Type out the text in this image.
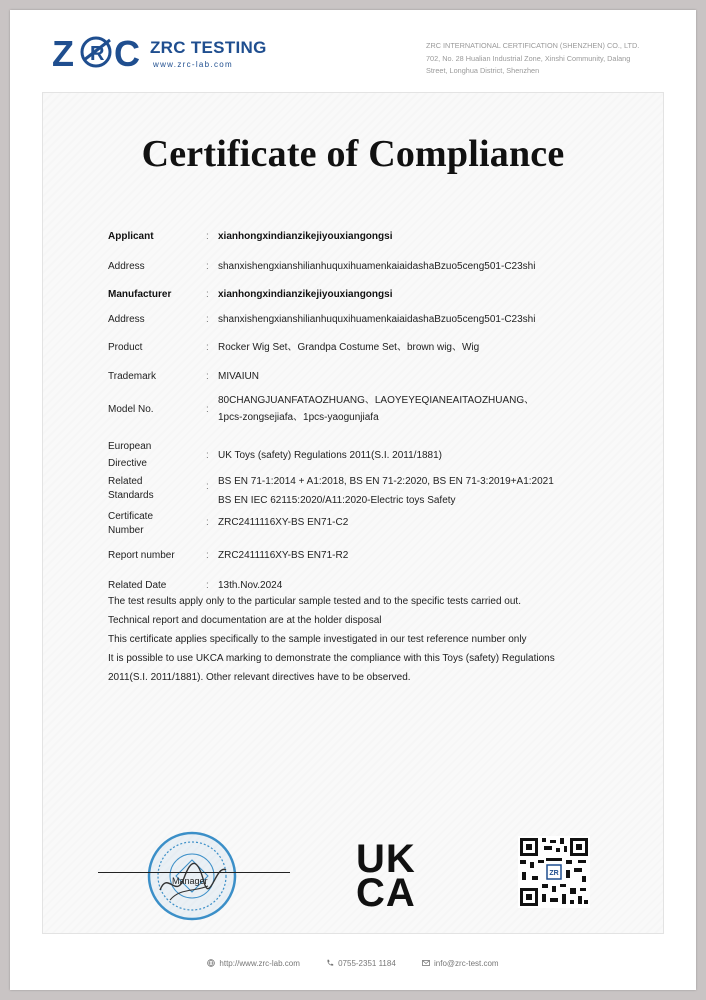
Z R C ZRC TESTING
www.zrc-lab.com
ZRC INTERNATIONAL CERTIFICATION (SHENZHEN) CO., LTD.
702, No. 28 Hualian Industrial Zone, Xinshi Community, Dalang
Street, Longhua District, Shenzhen
Certificate of Compliance
Applicant	: xianhongxindianzikejiyouxiangongsi
Address	: shanxishengxianshilianhuquxihuamenkaiaidashaBzuo5ceng501-C23shi
Manufacturer	: xianhongxindianzikejiyouxiangongsi
Address	: shanxishengxianshilianhuquxihuamenkaiaidashaBzuo5ceng501-C23shi
Product	: Rocker Wig Set、Grandpa Costume Set、brown wig、Wig
Trademark	: MIVAIUN
Model No.	:
80CHANGJUANFATAOZHUANG、LAOYEYEQIANEAITAOZHUANG、
1pcs-zongsejiafa、1pcs-yaogunjiafa
European
Directive
: UK Toys (safety) Regulations 2011(S.I. 2011/1881)
Related
Standards
: BS EN 71-1:2014 + A1:2018, BS EN 71-2:2020, BS EN 71-3:2019+A1:2021
BS EN IEC 62115:2020/A11:2020-Electric toys Safety
Certificate
Number
: ZRC2411116XY-BS EN71-C2
Report number	: ZRC2411116XY-BS EN71-R2
Related Date	: 13th.Nov.2024
The test results apply only to the particular sample tested and to the specific tests carried out.
Technical report and documentation are at the holder disposal
This certificate applies specifically to the sample investigated in our test reference number only
It is possible to use UKCA marking to demonstrate the compliance with this Toys (safety) Regulations
2011(S.I. 2011/1881). Other relevant directives have to be observed.
Manager	UK
CA	ZR
http://www.zrc-lab.com	0755-2351 1184	info@zrc-test.com
